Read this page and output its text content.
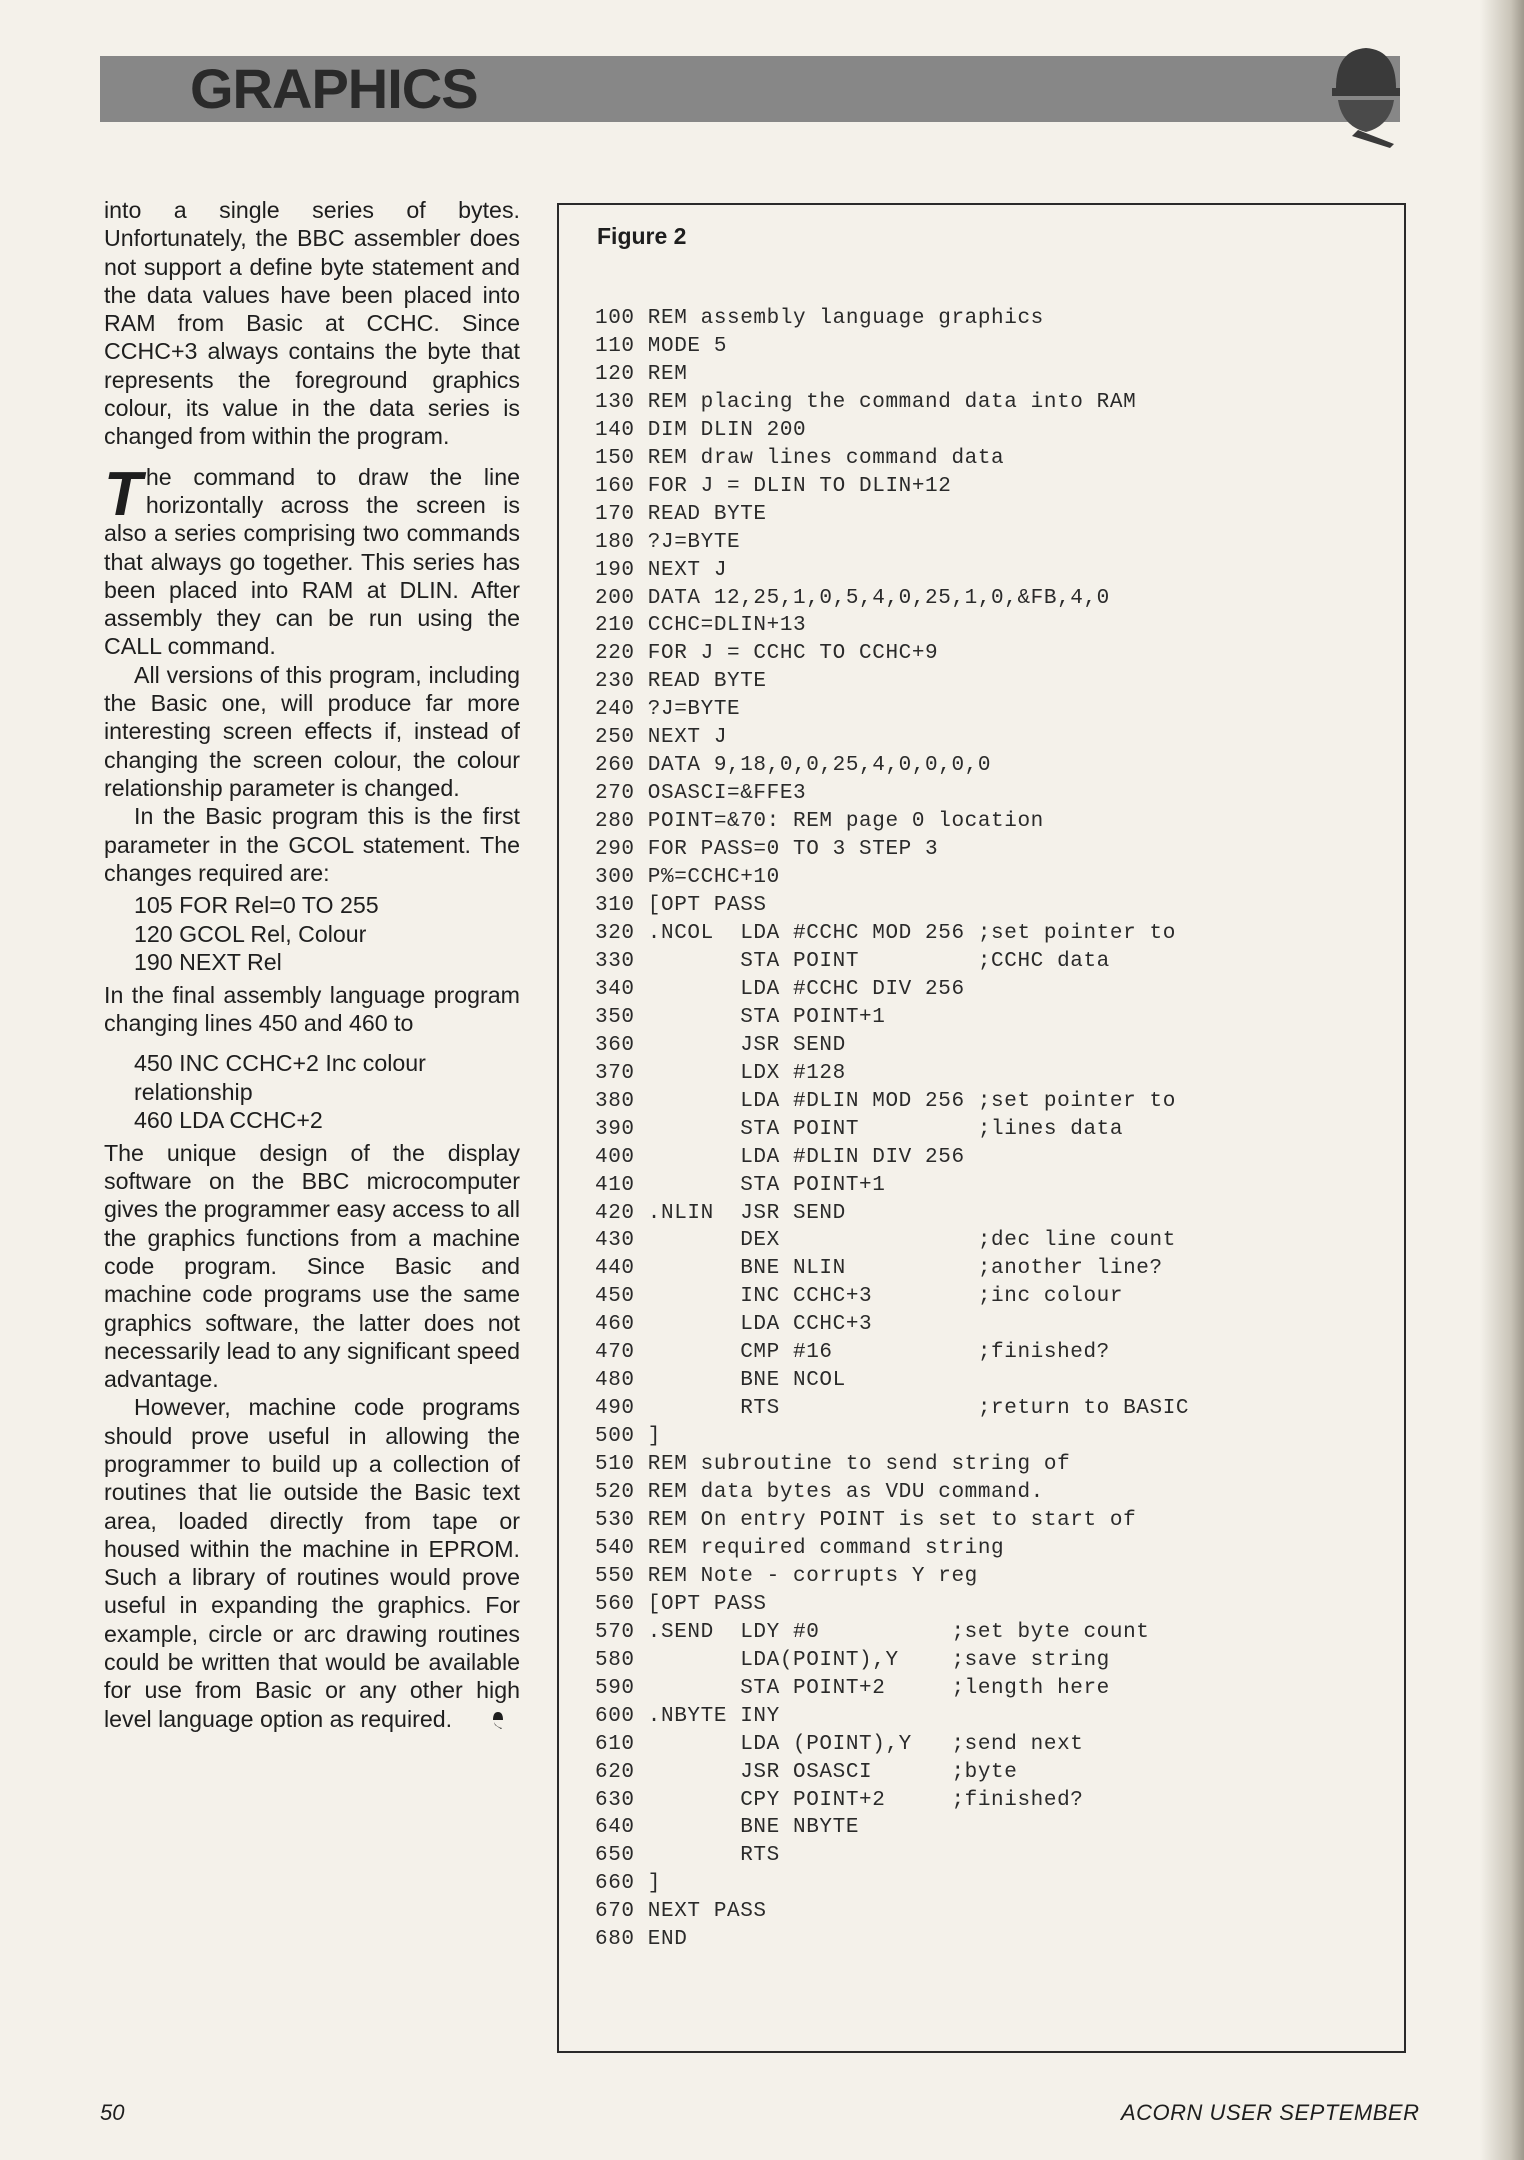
GRAPHICS

into a single series of bytes. Unfortunately, the BBC assembler does not support a define byte statement and the data values have been placed into RAM from Basic at CCHC. Since CCHC+3 always contains the byte that represents the foreground graphics colour, its value in the data series is changed from within the program.

The command to draw the line horizontally across the screen is also a series comprising two commands that always go together. This series has been placed into RAM at DLIN. After assembly they can be run using the CALL command.

All versions of this program, including the Basic one, will produce far more interesting screen effects if, instead of changing the screen colour, the colour relationship parameter is changed.

In the Basic program this is the first parameter in the GCOL statement. The changes required are:

105 FOR Rel=0 TO 255
120 GCOL Rel, Colour
190 NEXT Rel

In the final assembly language program changing lines 450 and 460 to

450 INC CCHC+2 Inc colour relationship
460 LDA CCHC+2

The unique design of the display software on the BBC microcomputer gives the programmer easy access to all the graphics functions from a machine code program. Since Basic and machine code programs use the same graphics software, the latter does not necessarily lead to any significant speed advantage.

However, machine code programs should prove useful in allowing the programmer to build up a collection of routines that lie outside the Basic text area, loaded directly from tape or housed within the machine in EPROM. Such a library of routines would prove useful in expanding the graphics. For example, circle or arc drawing routines could be written that would be available for use from Basic or any other high level language option as required.

Figure 2
100 REM assembly language graphics
110 MODE 5
120 REM
130 REM placing the command data into RAM
140 DIM DLIN 200
150 REM draw lines command data
160 FOR J = DLIN TO DLIN+12
170 READ BYTE
180 ?J=BYTE
190 NEXT J
200 DATA 12,25,1,0,5,4,0,25,1,0,&FB,4,0
210 CCHC=DLIN+13
220 FOR J = CCHC TO CCHC+9
230 READ BYTE
240 ?J=BYTE
250 NEXT J
260 DATA 9,18,0,0,25,4,0,0,0,0
270 OSASCI=&FFE3
280 POINT=&70: REM page 0 location
290 FOR PASS=0 TO 3 STEP 3
300 P%=CCHC+10
310 [OPT PASS
320 .NCOL  LDA #CCHC MOD 256 ;set pointer to
330        STA POINT         ;CCHC data
340        LDA #CCHC DIV 256
350        STA POINT+1
360        JSR SEND
370        LDX #128
380        LDA #DLIN MOD 256 ;set pointer to
390        STA POINT         ;lines data
400        LDA #DLIN DIV 256
410        STA POINT+1
420 .NLIN  JSR SEND
430        DEX               ;dec line count
440        BNE NLIN          ;another line?
450        INC CCHC+3        ;inc colour
460        LDA CCHC+3
470        CMP #16           ;finished?
480        BNE NCOL
490        RTS               ;return to BASIC
500 ]
510 REM subroutine to send string of
520 REM data bytes as VDU command.
530 REM On entry POINT is set to start of
540 REM required command string
550 REM Note - corrupts Y reg
560 [OPT PASS
570 .SEND  LDY #0          ;set byte count
580        LDA(POINT),Y    ;save string
590        STA POINT+2     ;length here
600 .NBYTE INY
610        LDA (POINT),Y   ;send next
620        JSR OSASCI      ;byte
630        CPY POINT+2     ;finished?
640        BNE NBYTE
650        RTS
660 ]
670 NEXT PASS
680 END
50	ACORN USER SEPTEMBER
